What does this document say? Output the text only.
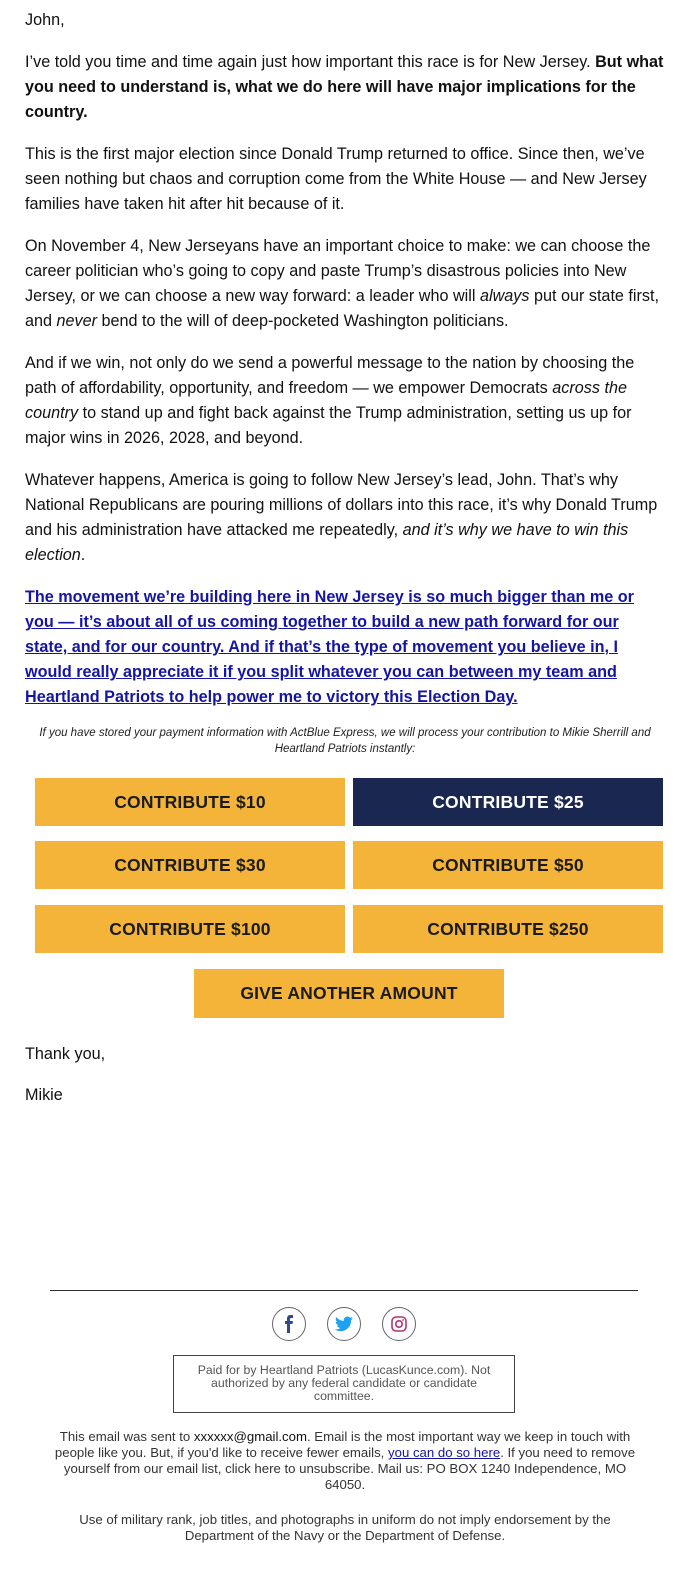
John,

I’ve told you time and time again just how important this race is for New Jersey. But what you need to understand is, what we do here will have major implications for the country.

This is the first major election since Donald Trump returned to office. Since then, we’ve seen nothing but chaos and corruption come from the White House — and New Jersey families have taken hit after hit because of it.

On November 4, New Jerseyans have an important choice to make: we can choose the career politician who’s going to copy and paste Trump’s disastrous policies into New Jersey, or we can choose a new way forward: a leader who will always put our state first, and never bend to the will of deep-pocketed Washington politicians.

And if we win, not only do we send a powerful message to the nation by choosing the path of affordability, opportunity, and freedom — we empower Democrats across the country to stand up and fight back against the Trump administration, setting us up for major wins in 2026, 2028, and beyond.

Whatever happens, America is going to follow New Jersey’s lead, John. That’s why National Republicans are pouring millions of dollars into this race, it’s why Donald Trump and his administration have attacked me repeatedly, and it’s why we have to win this election.

The movement we’re building here in New Jersey is so much bigger than me or you — it’s about all of us coming together to build a new path forward for our state, and for our country. And if that’s the type of movement you believe in, I would really appreciate it if you split whatever you can between my team and Heartland Patriots to help power me to victory this Election Day.

If you have stored your payment information with ActBlue Express, we will process your contribution to Mikie Sherrill and Heartland Patriots instantly:
CONTRIBUTE $10	CONTRIBUTE $25
CONTRIBUTE $30	CONTRIBUTE $50
CONTRIBUTE $100	CONTRIBUTE $250
GIVE ANOTHER AMOUNT

Thank you,

Mikie

Paid for by Heartland Patriots (LucasKunce.com). Not authorized by any federal candidate or candidate committee.
This email was sent to xxxxxx@gmail.com. Email is the most important way we keep in touch with people like you. But, if you'd like to receive fewer emails, you can do so here. If you need to remove yourself from our email list, click here to unsubscribe. Mail us: PO BOX 1240 Independence, MO 64050.
Use of military rank, job titles, and photographs in uniform do not imply endorsement by the Department of the Navy or the Department of Defense.
